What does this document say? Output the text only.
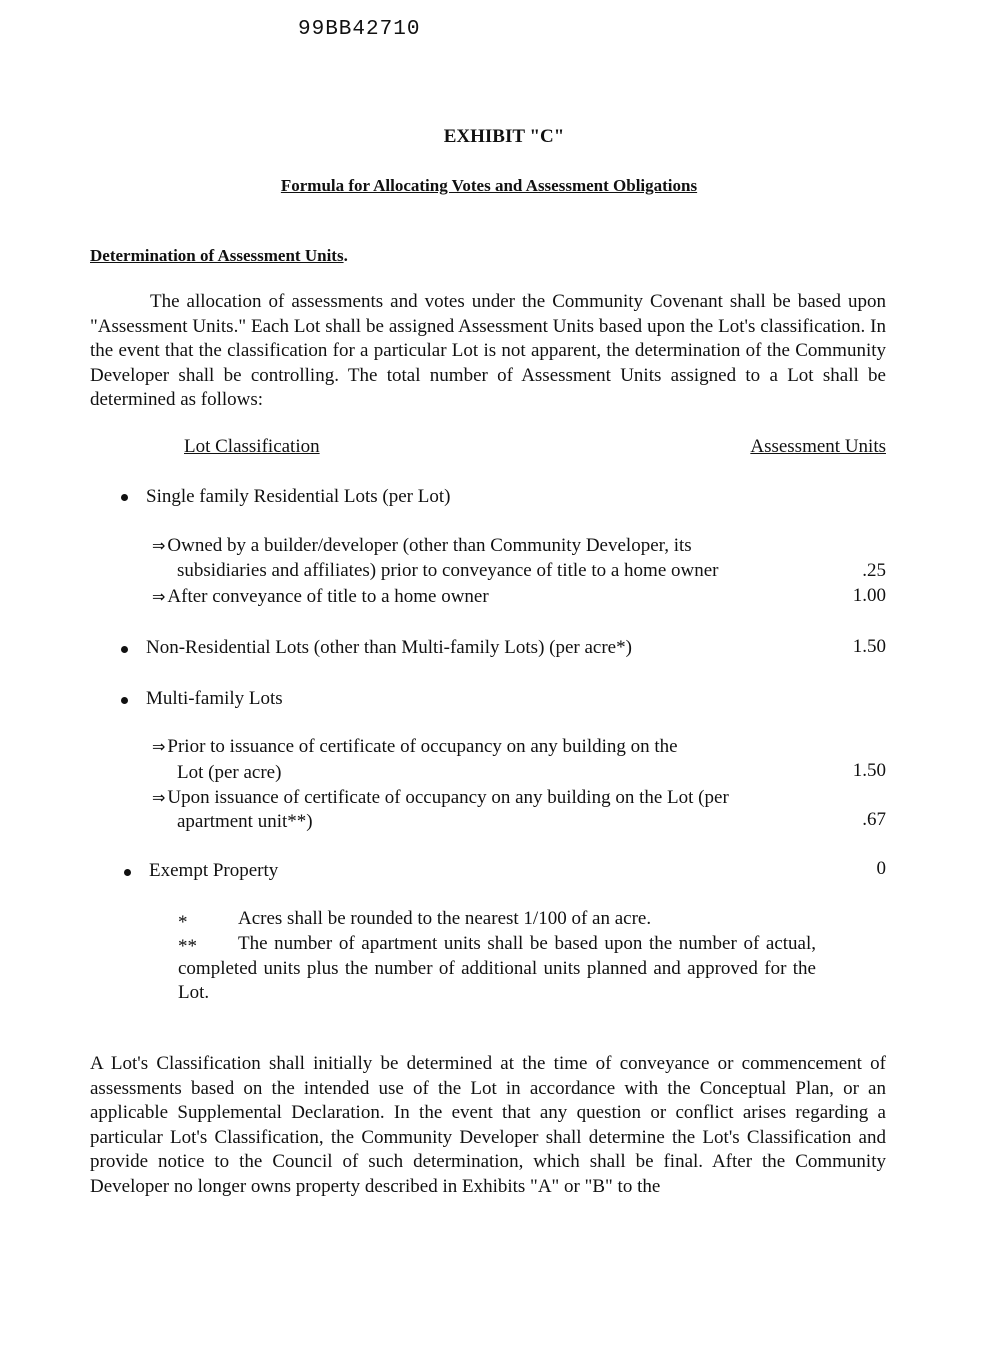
99BB42710
EXHIBIT "C"
Formula for Allocating Votes and Assessment Obligations
Determination of Assessment Units.
The allocation of assessments and votes under the Community Covenant shall be based upon "Assessment Units." Each Lot shall be assigned Assessment Units based upon the Lot's classification. In the event that the classification for a particular Lot is not apparent, the determination of the Community Developer shall be controlling. The total number of Assessment Units assigned to a Lot shall be determined as follows:
Lot Classification	Assessment Units
Single family Residential Lots (per Lot)
⇒ Owned by a builder/developer (other than Community Developer, its
subsidiaries and affiliates) prior to conveyance of title to a home owner	.25
⇒ After conveyance of title to a home owner	1.00
Non-Residential Lots (other than Multi-family Lots) (per acre*)	1.50
Multi-family Lots
⇒ Prior to issuance of certificate of occupancy on any building on the
Lot (per acre)	1.50
⇒ Upon issuance of certificate of occupancy on any building on the Lot (per
apartment unit**)	.67
Exempt Property	0
*	Acres shall be rounded to the nearest 1/100 of an acre.
**	The number of apartment units shall be based upon the number of actual, completed units plus the number of additional units planned and approved for the Lot.
A Lot's Classification shall initially be determined at the time of conveyance or commencement of assessments based on the intended use of the Lot in accordance with the Conceptual Plan, or an applicable Supplemental Declaration. In the event that any question or conflict arises regarding a particular Lot's Classification, the Community Developer shall determine the Lot's Classification and provide notice to the Council of such determination, which shall be final. After the Community Developer no longer owns property described in Exhibits "A" or "B" to the
